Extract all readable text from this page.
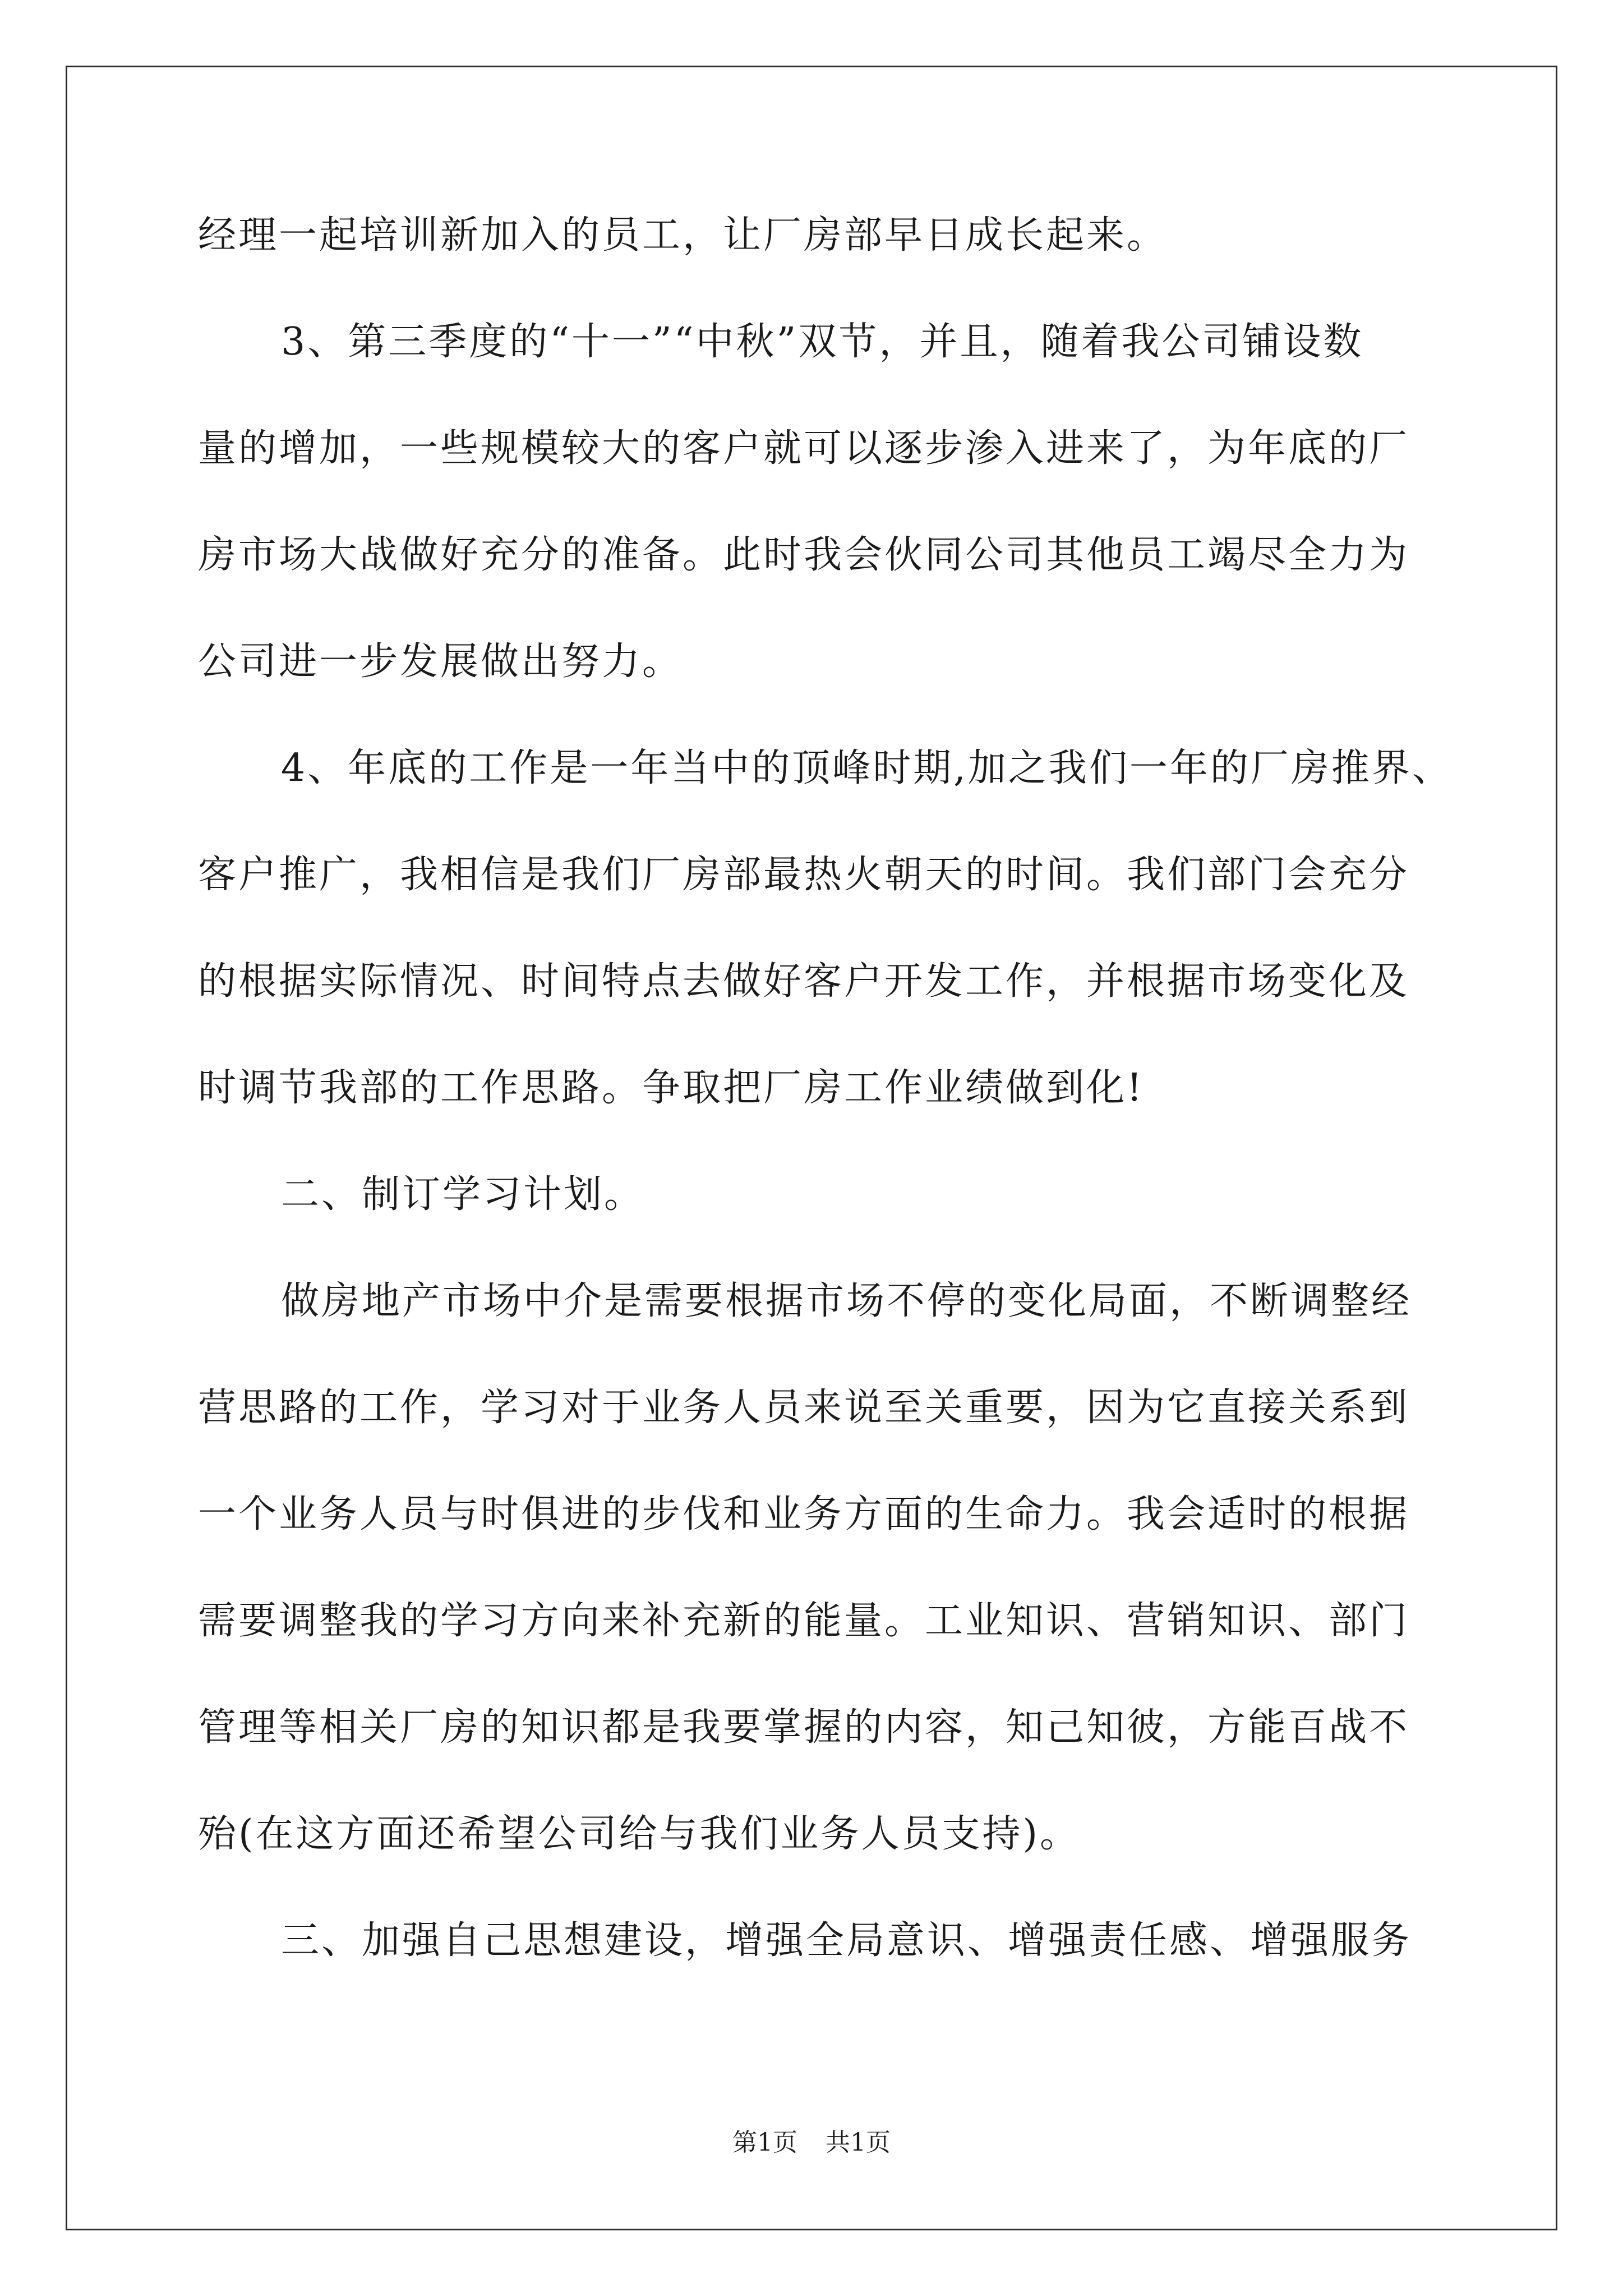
经理一起培训新加入的员工，让厂房部早日成长起来。
3、第三季度的“十一”“中秋”双节，并且，随着我公司铺设数
量的增加，一些规模较大的客户就可以逐步渗入进来了，为年底的厂
房市场大战做好充分的准备。此时我会伙同公司其他员工竭尽全力为
公司进一步发展做出努力。
4、年底的工作是一年当中的顶峰时期,加之我们一年的厂房推界、
客户推广，我相信是我们厂房部最热火朝天的时间。我们部门会充分
的根据实际情况、时间特点去做好客户开发工作，并根据市场变化及
时调节我部的工作思路。争取把厂房工作业绩做到化!
二、制订学习计划。
做房地产市场中介是需要根据市场不停的变化局面，不断调整经
营思路的工作，学习对于业务人员来说至关重要，因为它直接关系到
一个业务人员与时俱进的步伐和业务方面的生命力。我会适时的根据
需要调整我的学习方向来补充新的能量。工业知识、营销知识、部门
管理等相关厂房的知识都是我要掌握的内容，知己知彼，方能百战不
殆(在这方面还希望公司给与我们业务人员支持)。
三、加强自己思想建设，增强全局意识、增强责任感、增强服务
第1页 共1页
